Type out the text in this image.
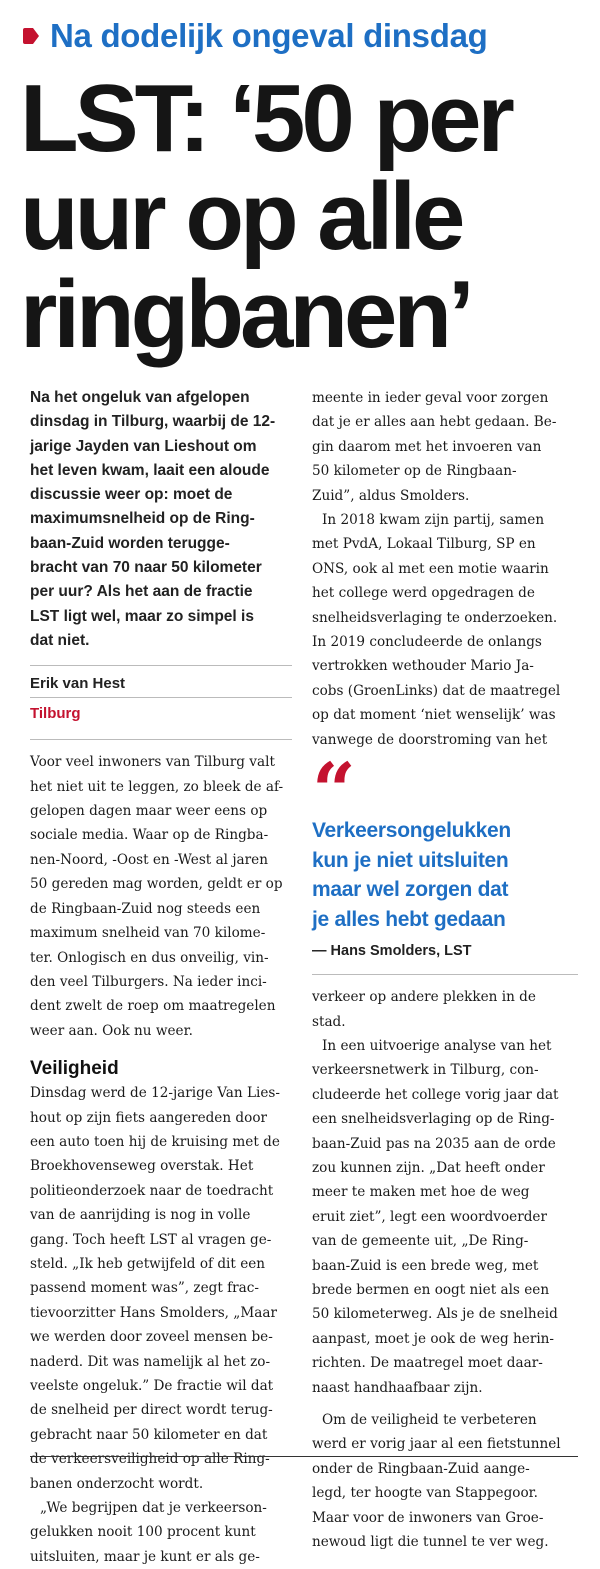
Na dodelijk ongeval dinsdag
LST: ‘50 per
uur op alle
ringbanen’

Na het ongeluk van afgelopen
dinsdag in Tilburg, waarbij de 12-
jarige Jayden van Lieshout om
het leven kwam, laait een aloude
discussie weer op: moet de
maximumsnelheid op de Ring-
baan-Zuid worden terugge-
bracht van 70 naar 50 kilometer
per uur? Als het aan de fractie
LST ligt wel, maar zo simpel is
dat niet.

Erik van Hest
Tilburg

Voor veel inwoners van Tilburg valt
het niet uit te leggen, zo bleek de af-
gelopen dagen maar weer eens op
sociale media. Waar op de Ringba-
nen-Noord, -Oost en -West al jaren
50 gereden mag worden, geldt er op
de Ringbaan-Zuid nog steeds een
maximum snelheid van 70 kilome-
ter. Onlogisch en dus onveilig, vin-
den veel Tilburgers. Na ieder inci-
dent zwelt de roep om maatregelen
weer aan. Ook nu weer.

Veiligheid

Dinsdag werd de 12-jarige Van Lies-
hout op zijn fiets aangereden door
een auto toen hij de kruising met de
Broekhovenseweg overstak. Het
politieonderzoek naar de toedracht
van de aanrijding is nog in volle
gang. Toch heeft LST al vragen ge-
steld. „Ik heb getwijfeld of dit een
passend moment was”, zegt frac-
tievoorzitter Hans Smolders, „Maar
we werden door zoveel mensen be-
naderd. Dit was namelijk al het zo-
veelste ongeluk.” De fractie wil dat
de snelheid per direct wordt terug-
gebracht naar 50 kilometer en dat
de verkeersveiligheid op alle Ring-
banen onderzocht wordt.

„We begrijpen dat je verkeerson-
gelukken nooit 100 procent kunt
uitsluiten, maar je kunt er als ge-

meente in ieder geval voor zorgen
dat je er alles aan hebt gedaan. Be-
gin daarom met het invoeren van
50 kilometer op de Ringbaan-
Zuid”, aldus Smolders.

In 2018 kwam zijn partij, samen
met PvdA, Lokaal Tilburg, SP en
ONS, ook al met een motie waarin
het college werd opgedragen de
snelheidsverlaging te onderzoeken.
In 2019 concludeerde de onlangs
vertrokken wethouder Mario Ja-
cobs (GroenLinks) dat de maatregel
op dat moment ‘niet wenselijk’ was
vanwege de doorstroming van het

“

Verkeersongelukken
kun je niet uitsluiten
maar wel zorgen dat
je alles hebt gedaan

— Hans Smolders, LST

verkeer op andere plekken in de
stad.

In een uitvoerige analyse van het
verkeersnetwerk in Tilburg, con-
cludeerde het college vorig jaar dat
een snelheidsverlaging op de Ring-
baan-Zuid pas na 2035 aan de orde
zou kunnen zijn. „Dat heeft onder
meer te maken met hoe de weg
eruit ziet”, legt een woordvoerder
van de gemeente uit, „De Ring-
baan-Zuid is een brede weg, met
brede bermen en oogt niet als een
50 kilometerweg. Als je de snelheid
aanpast, moet je ook de weg herin-
richten. De maatregel moet daar-
naast handhaafbaar zijn.

Om de veiligheid te verbeteren
werd er vorig jaar al een fietstunnel
onder de Ringbaan-Zuid aange-
legd, ter hoogte van Stappegoor.
Maar voor de inwoners van Groe-
newoud ligt die tunnel te ver weg.
